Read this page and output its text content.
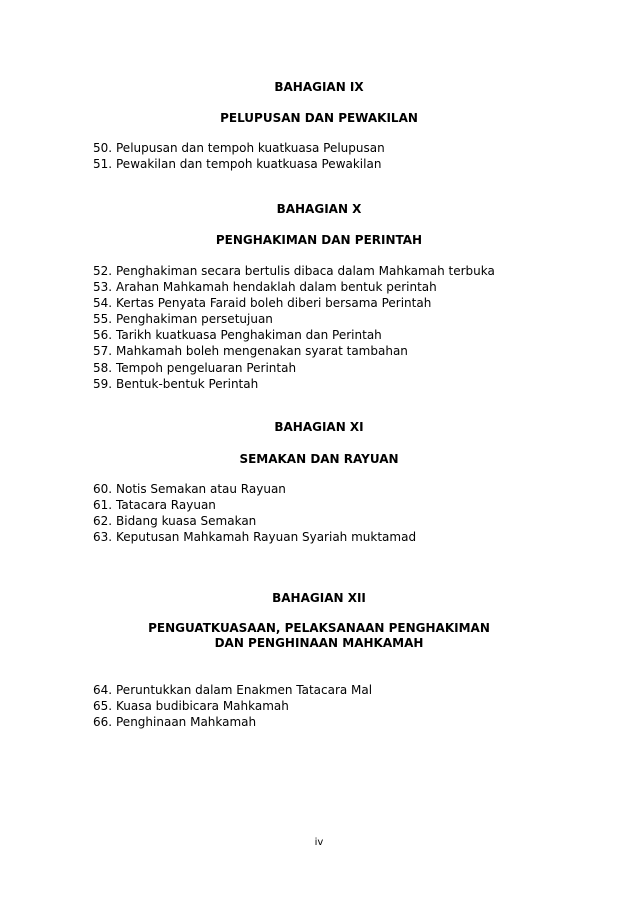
BAHAGIAN IX
PELUPUSAN DAN PEWAKILAN
50. Pelupusan dan tempoh kuatkuasa Pelupusan
51. Pewakilan dan tempoh kuatkuasa Pewakilan
BAHAGIAN X
PENGHAKIMAN DAN PERINTAH
52. Penghakiman secara bertulis dibaca dalam Mahkamah terbuka
53. Arahan Mahkamah hendaklah dalam bentuk perintah
54. Kertas Penyata Faraid boleh diberi bersama Perintah
55. Penghakiman persetujuan
56. Tarikh kuatkuasa Penghakiman dan Perintah
57. Mahkamah boleh mengenakan syarat tambahan
58. Tempoh pengeluaran Perintah
59. Bentuk-bentuk Perintah
BAHAGIAN XI
SEMAKAN DAN RAYUAN
60. Notis Semakan atau Rayuan
61. Tatacara Rayuan
62. Bidang kuasa Semakan
63. Keputusan Mahkamah Rayuan Syariah muktamad
BAHAGIAN XII
PENGUATKUASAAN, PELAKSANAAN PENGHAKIMAN
DAN PENGHINAAN MAHKAMAH
64. Peruntukkan dalam Enakmen Tatacara Mal
65. Kuasa budibicara Mahkamah
66. Penghinaan Mahkamah
iv
